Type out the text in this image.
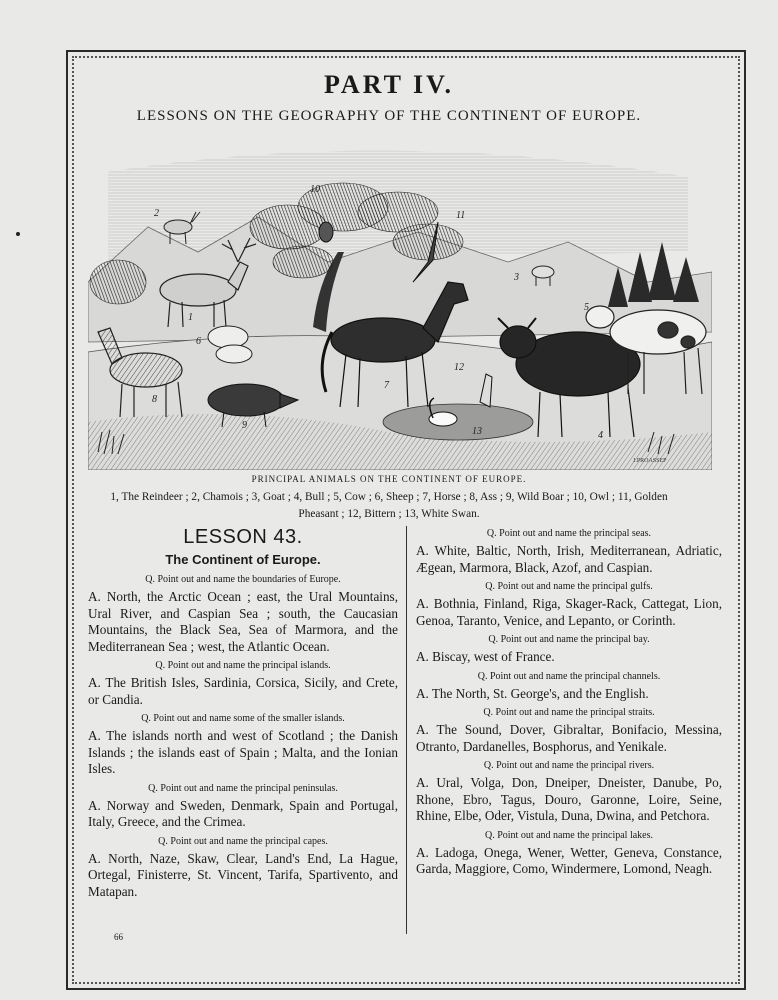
PART IV.
LESSONS ON THE GEOGRAPHY OF THE CONTINENT OF EUROPE.
1
2
3
4
5
6
7
8
9
10
11
12
13
J.PROASSEP
PRINCIPAL ANIMALS ON THE CONTINENT OF EUROPE.
1, The Reindeer ; 2, Chamois ; 3, Goat ; 4, Bull ; 5, Cow ; 6, Sheep ; 7, Horse ; 8, Ass ; 9, Wild Boar ; 10, Owl ; 11, Golden Pheasant ; 12, Bittern ; 13, White Swan.
LESSON 43.
The Continent of Europe.
Q. Point out and name the boundaries of Europe.
A. North, the Arctic Ocean ; east, the Ural Mountains, Ural River, and Caspian Sea ; south, the Caucasian Mountains, the Black Sea, Sea of Marmora, and the Mediterranean Sea ; west, the Atlantic Ocean.
Q. Point out and name the principal islands.
A. The British Isles, Sardinia, Corsica, Sicily, and Crete, or Candia.
Q. Point out and name some of the smaller islands.
A. The islands north and west of Scotland ; the Danish Islands ; the islands east of Spain ; Malta, and the Ionian Isles.
Q. Point out and name the principal peninsulas.
A. Norway and Sweden, Denmark, Spain and Portugal, Italy, Greece, and the Crimea.
Q. Point out and name the principal capes.
A. North, Naze, Skaw, Clear, Land's End, La Hague, Ortegal, Finisterre, St. Vincent, Tarifa, Spartivento, and Matapan.
Q. Point out and name the principal seas.
A. White, Baltic, North, Irish, Mediterranean, Adriatic, Ægean, Marmora, Black, Azof, and Caspian.
Q. Point out and name the principal gulfs.
A. Bothnia, Finland, Riga, Skager-Rack, Cattegat, Lion, Genoa, Taranto, Venice, and Lepanto, or Corinth.
Q. Point out and name the principal bay.
A. Biscay, west of France.
Q. Point out and name the principal channels.
A. The North, St. George's, and the English.
Q. Point out and name the principal straits.
A. The Sound, Dover, Gibraltar, Bonifacio, Messina, Otranto, Dardanelles, Bosphorus, and Yenikale.
Q. Point out and name the principal rivers.
A. Ural, Volga, Don, Dneiper, Dneister, Danube, Po, Rhone, Ebro, Tagus, Douro, Garonne, Loire, Seine, Rhine, Elbe, Oder, Vistula, Duna, Dwina, and Petchora.
Q. Point out and name the principal lakes.
A. Ladoga, Onega, Wener, Wetter, Geneva, Constance, Garda, Maggiore, Como, Windermere, Lomond, Neagh.
66
